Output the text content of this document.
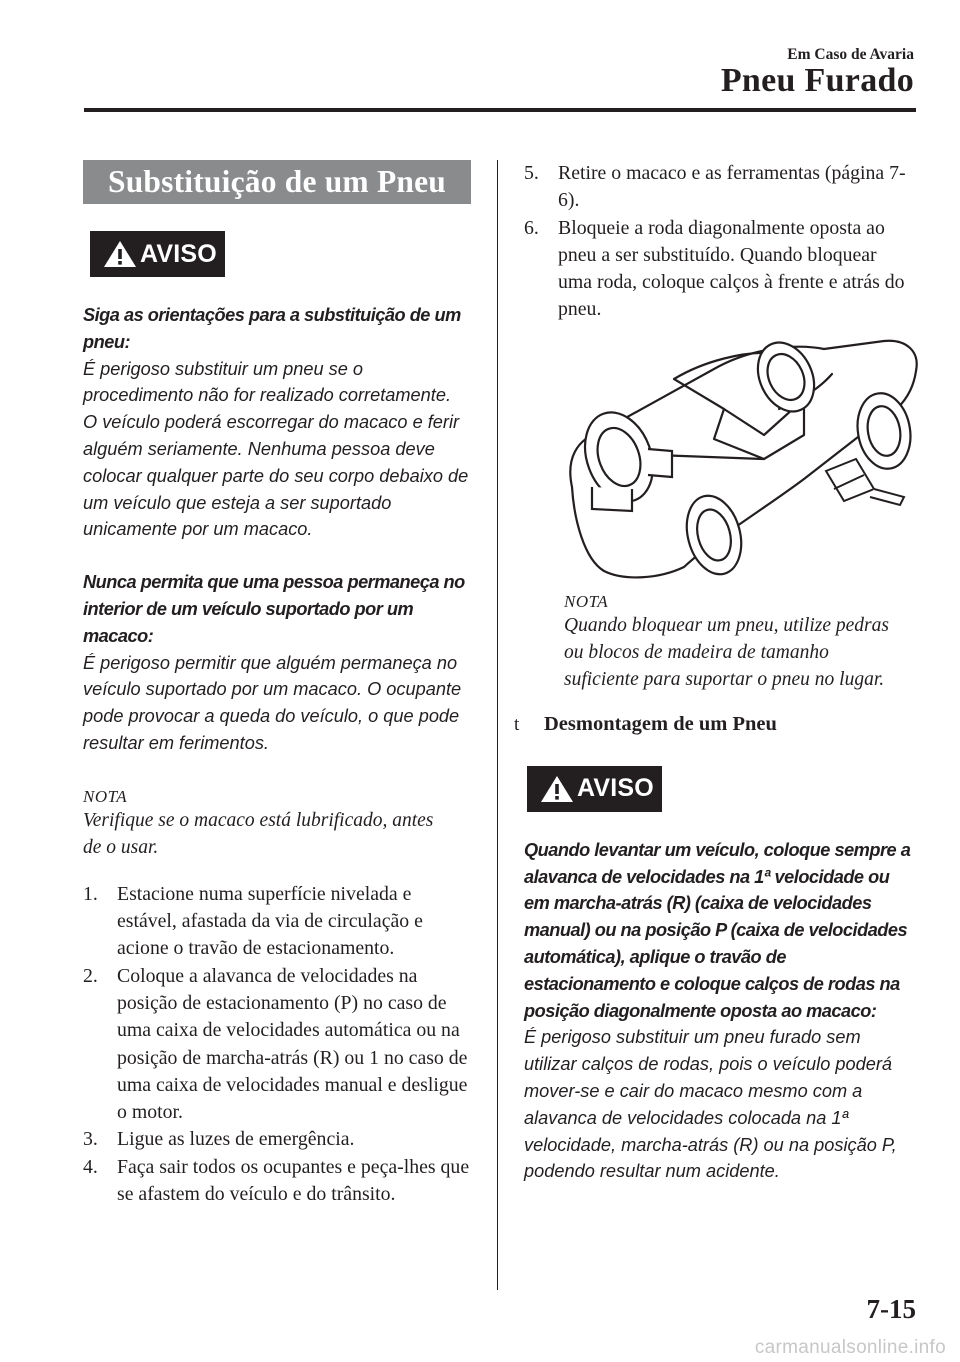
Em Caso de Avaria
Pneu Furado
Substituição de um Pneu
AVISO

Siga as orientações para a substituição de um pneu:

É perigoso substituir um pneu se o procedimento não for realizado corretamente. O veículo poderá escorregar do macaco e ferir alguém seriamente. Nenhuma pessoa deve colocar qualquer parte do seu corpo debaixo de um veículo que esteja a ser suportado unicamente por um macaco.

Nunca permita que uma pessoa permaneça no interior de um veículo suportado por um macaco:

É perigoso permitir que alguém permaneça no veículo suportado por um macaco. O ocupante pode provocar a queda do veículo, o que pode resultar em ferimentos.

NOTA
Verifique se o macaco está lubrificado, antes de o usar.
1. Estacione numa superfície nivelada e estável, afastada da via de circulação e acione o travão de estacionamento.
2. Coloque a alavanca de velocidades na posição de estacionamento (P) no caso de uma caixa de velocidades automática ou na posição de marcha-atrás (R) ou 1 no caso de uma caixa de velocidades manual e desligue o motor.
3. Ligue as luzes de emergência.
4. Faça sair todos os ocupantes e peça-lhes que se afastem do veículo e do trânsito.
5. Retire o macaco e as ferramentas (página 7-6).
6. Bloqueie a roda diagonalmente oposta ao pneu a ser substituído. Quando bloquear uma roda, coloque calços à frente e atrás do pneu.
NOTA
Quando bloquear um pneu, utilize pedras ou blocos de madeira de tamanho suficiente para suportar o pneu no lugar.
t	Desmontagem de um Pneu
AVISO

Quando levantar um veículo, coloque sempre a alavanca de velocidades na 1ª velocidade ou em marcha-atrás (R) (caixa de velocidades manual) ou na posição P (caixa de velocidades automática), aplique o travão de estacionamento e coloque calços de rodas na posição diagonalmente oposta ao macaco:

É perigoso substituir um pneu furado sem utilizar calços de rodas, pois o veículo poderá mover-se e cair do macaco mesmo com a alavanca de velocidades colocada na 1ª velocidade, marcha-atrás (R) ou na posição P, podendo resultar num acidente.

7-15
carmanualsonline.info
